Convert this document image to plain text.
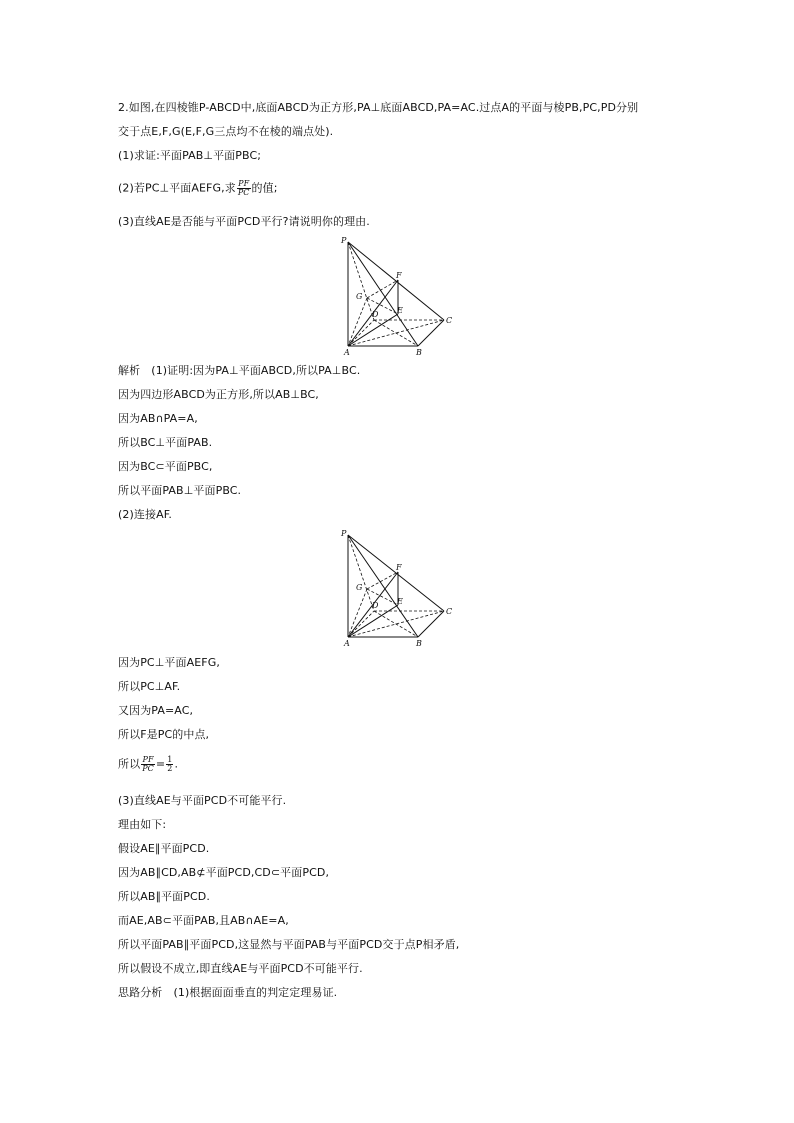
2.如图,在四棱锥P-ABCD中,底面ABCD为正方形,PA⊥底面ABCD,PA=AC.过点A的平面与棱PB,PC,PD分别
交于点E,F,G(E,F,G三点均不在棱的端点处).
(1)求证:平面PAB⊥平面PBC;
(2)若PC⊥平面AEFG,求 $\frac{PF}{PC}$ 的值;
(3)直线AE是否能与平面PCD平行?请说明你的理由.
P
F
G
E
D
C
A	B
解析　(1)证明:因为PA⊥平面ABCD,所以PA⊥BC.
因为四边形ABCD为正方形,所以AB⊥BC,
因为AB∩PA=A,
所以BC⊥平面PAB.
因为BC⊂平面PBC,
所以平面PAB⊥平面PBC.
(2)连接AF.
P
F
G
E
D
C
A	B
因为PC⊥平面AEFG,
所以PC⊥AF.
又因为PA=AC,
所以F是PC的中点,
所以 $\frac{PF}{PC} = \frac{1}{2}$ .
(3)直线AE与平面PCD不可能平行.
理由如下:
假设AE∥平面PCD.
因为AB∥CD,AB⊄平面PCD,CD⊂平面PCD,
所以AB∥平面PCD.
而AE,AB⊂平面PAB,且AB∩AE=A,
所以平面PAB∥平面PCD,这显然与平面PAB与平面PCD交于点P相矛盾,
所以假设不成立,即直线AE与平面PCD不可能平行.
思路分析　(1)根据面面垂直的判定定理易证.
